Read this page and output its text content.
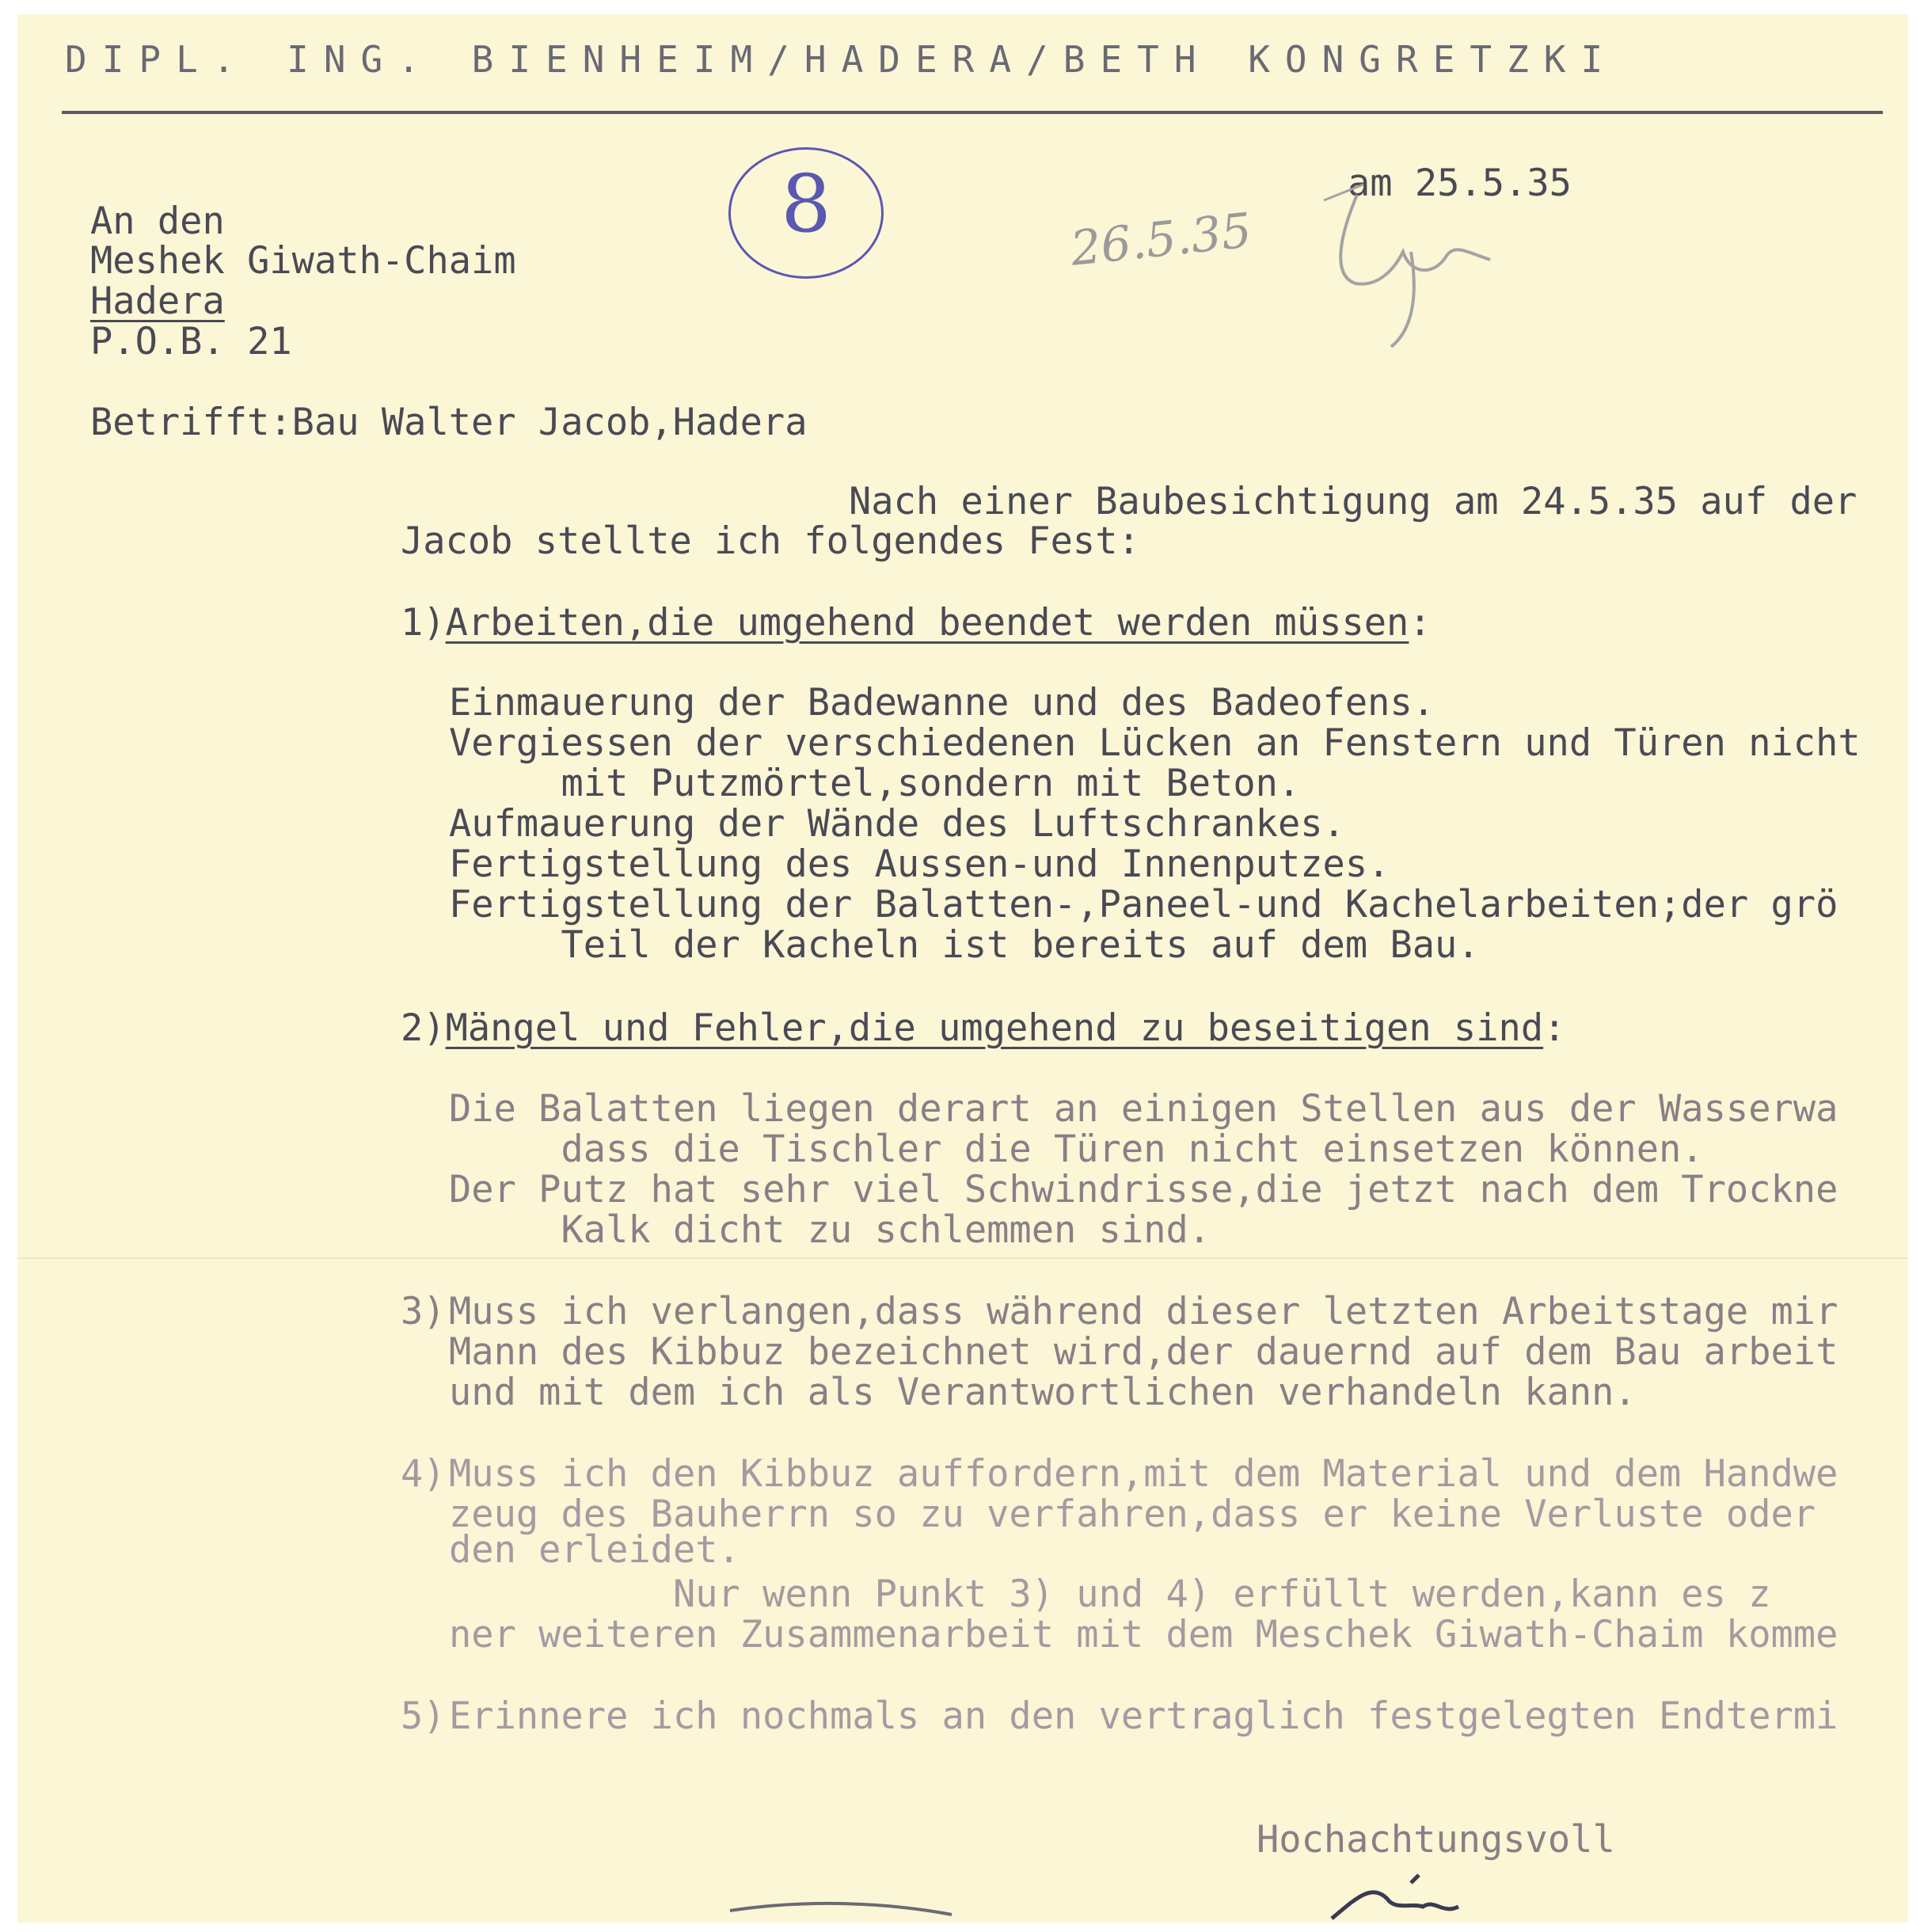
DIPL. ING. BIENHEIM/HADERA/BETH KONGRETZKI
8	am 25.5.35
26.5.35
An den
Meshek Giwath-Chaim
Hadera
P.O.B. 21
Betrifft:Bau Walter Jacob,Hadera
Nach einer Baubesichtigung am 24.5.35 auf der
Jacob stellte ich folgendes Fest:
1)Arbeiten,die umgehend beendet werden müssen:
Einmauerung der Badewanne und des Badeofens.
Vergiessen der verschiedenen Lücken an Fenstern und Türen nicht
mit Putzmörtel,sondern mit Beton.
Aufmauerung der Wände des Luftschrankes.
Fertigstellung des Aussen-und Innenputzes.
Fertigstellung der Balatten-,Paneel-und Kachelarbeiten;der grö
Teil der Kacheln ist bereits auf dem Bau.
2)Mängel und Fehler,die umgehend zu beseitigen sind:
Die Balatten liegen derart an einigen Stellen aus der Wasserwa
dass die Tischler die Türen nicht einsetzen können.
Der Putz hat sehr viel Schwindrisse,die jetzt nach dem Trockne
Kalk dicht zu schlemmen sind.
3) Muss ich verlangen,dass während dieser letzten Arbeitstage mir
Mann des Kibbuz bezeichnet wird,der dauernd auf dem Bau arbeit
und mit dem ich als Verantwortlichen verhandeln kann.
4) Muss ich den Kibbuz auffordern,mit dem Material und dem Handwe
zeug des Bauherrn so zu verfahren,dass er keine Verluste oder
den erleidet.
Nur wenn Punkt 3) und 4) erfüllt werden,kann es z
ner weiteren Zusammenarbeit mit dem Meschek Giwath-Chaim komme
5) Erinnere ich nochmals an den vertraglich festgelegten Endtermi
Hochachtungsvoll
